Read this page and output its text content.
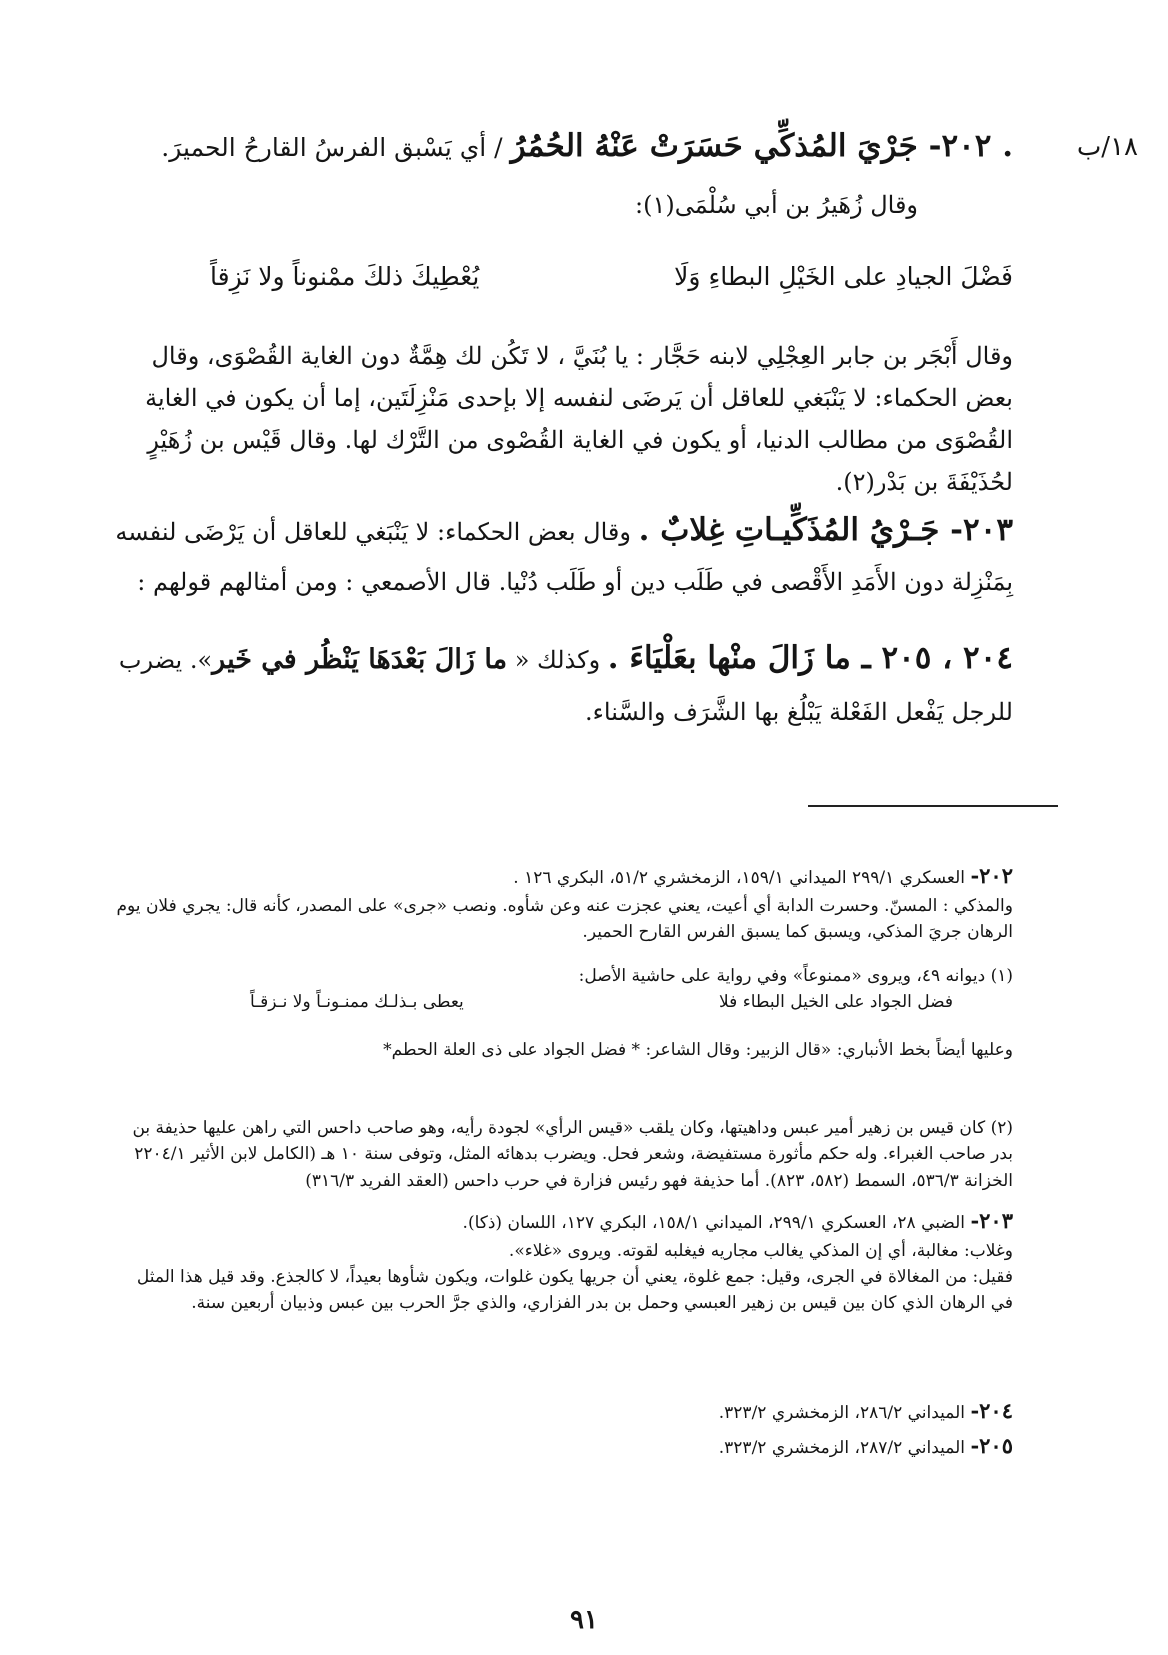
١٨/ب
. ٢٠٢- جَرْيَ المُذكِّي حَسَرَتْ عَنْهُ الحُمُرُ / أي يَسْبق الفرسُ القارحُ الحميرَ.
وقال زُهَيرُ بن أبي سُلْمَى(١):
فَضْلَ الجيادِ على الخَيْلِ البطاءِ وَلَا
يُعْطِيكَ ذلكَ ممْنوناً ولا نَزِقاً
وقال أَبْجَر بن جابر العِجْلِي لابنه حَجَّار : يا بُنَيَّ ، لا تَكُن لك هِمَّةٌ دون الغاية القُصْوَى، وقال بعض الحكماء: لا يَنْبَغي للعاقل أن يَرضَى لنفسه إلا بإحدى مَنْزِلَتَين، إما أن يكون في الغاية القُصْوَى من مطالب الدنيا، أو يكون في الغاية القُصْوى من التَّرْك لها. وقال قَيْس بن زُهَيْرٍ لحُذَيْفَةَ بن بَدْر(٢).
٢٠٣- جَـرْيُ المُذَكِّيـاتِ غِلابٌ . وقال بعض الحكماء: لا يَنْبَغي للعاقل أن يَرْضَى لنفسه بِمَنْزِلة دون الأَمَدِ الأَقْصى في طَلَب دين أو طَلَب دُنْيا. قال الأصمعي : ومن أمثالهم قولهم :
٢٠٤ ، ٢٠٥ ـ ما زَالَ منْها بعَلْيَاءَ . وكذلك « ما زَالَ بَعْدَهَا يَنْظُر في خَير». يضرب للرجل يَفْعل الفَعْلة يَبْلُغ بها الشَّرَف والسَّناء.
٢٠٢- العسكري ٢٩٩/١ الميداني ١٥٩/١، الزمخشري ٥١/٢، البكري ١٢٦ .
والمذكي : المسنّ. وحسرت الدابة أي أعيت، يعني عجزت عنه وعن شأوه. ونصب «جرى» على المصدر، كأنه قال: يجري فلان يوم الرهان جريَ المذكي، ويسبق كما يسبق الفرس القارح الحمير.
(١) ديوانه ٤٩، ويروى «ممنوعاً» وفي رواية على حاشية الأصل:
فضل الجواد على الخيل البطاء فلا
يعطى بـذلـك ممنـونـاً ولا نـزقـاً
وعليها أيضاً بخط الأنباري: «قال الزبير: وقال الشاعر: * فضل الجواد على ذى العلة الحطم*
(٢) كان قيس بن زهير أمير عبس وداهيتها، وكان يلقب «قيس الرأي» لجودة رأيه، وهو صاحب داحس التي راهن عليها حذيفة بن بدر صاحب الغبراء. وله حكم مأثورة مستفيضة، وشعر فحل. ويضرب بدهائه المثل، وتوفى سنة ١٠ هـ (الكامل لابن الأثير ٢٢٠٤/١ الخزانة ٥٣٦/٣، السمط (٥٨٢، ٨٢٣). أما حذيفة فهو رئيس فزارة في حرب داحس (العقد الفريد ٣١٦/٣)
٢٠٣- الضبي ٢٨، العسكري ٢٩٩/١، الميداني ١٥٨/١، البكري ١٢٧، اللسان (ذكا).
وغلاب: مغالبة، أي إن المذكي يغالب مجاريه فيغلبه لقوته. ويروى «غلاء».
فقيل: من المغالاة في الجرى، وقيل: جمع غلوة، يعني أن جريها يكون غلوات، ويكون شأوها بعيداً، لا كالجذع. وقد قيل هذا المثل في الرهان الذي كان بين قيس بن زهير العبسي وحمل بن بدر الفزاري، والذي جرَّ الحرب بين عبس وذبيان أربعين سنة.
٢٠٤- الميداني ٢٨٦/٢، الزمخشري ٣٢٣/٢.
٢٠٥- الميداني ٢٨٧/٢، الزمخشري ٣٢٣/٢.
٩١
